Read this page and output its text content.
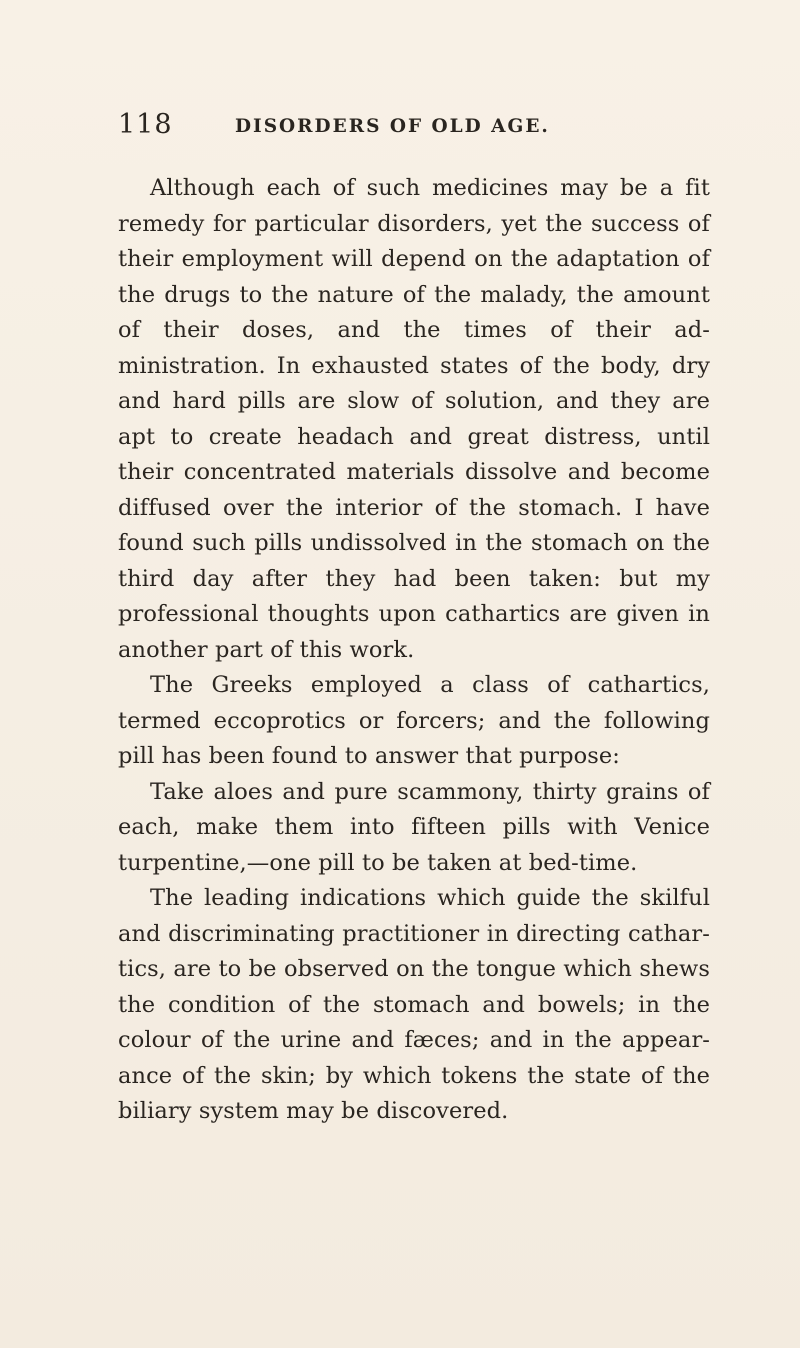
118	DISORDERS OF OLD AGE.

Although each of such medicines may be a fit remedy for particular disorders, yet the success of their employment will depend on the adaptation of the drugs to the nature of the malady, the amount of their doses, and the times of their ad-ministration. In exhausted states of the body, dry and hard pills are slow of solution, and they are apt to create headach and great distress, until their concentrated materials dissolve and become diffused over the interior of the stomach. I have found such pills undissolved in the stomach on the third day after they had been taken: but my professional thoughts upon cathartics are given in another part of this work.

The Greeks employed a class of cathartics, termed eccoprotics or forcers; and the following pill has been found to answer that purpose:

Take aloes and pure scammony, thirty grains of each, make them into fifteen pills with Venice turpentine,—one pill to be taken at bed-time.

The leading indications which guide the skilful and discriminating practitioner in directing cathar-tics, are to be observed on the tongue which shews the condition of the stomach and bowels; in the colour of the urine and fæces; and in the appear-ance of the skin; by which tokens the state of the biliary system may be discovered.
